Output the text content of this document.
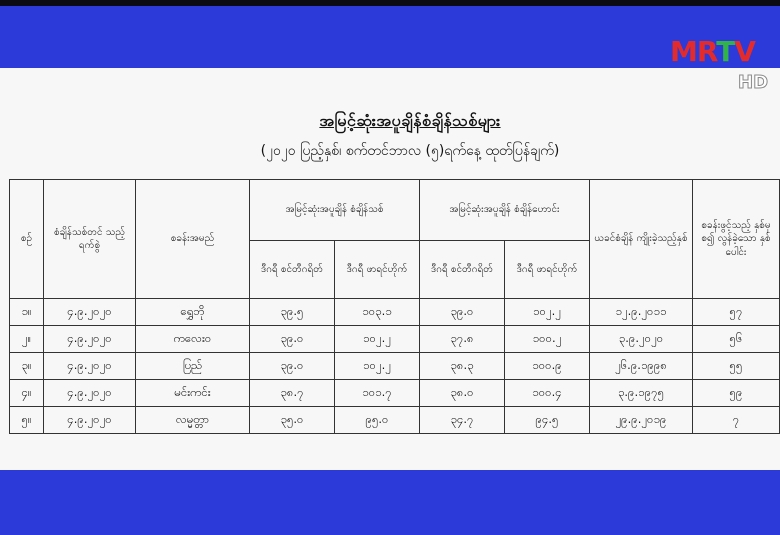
MRTV
HD
အမြင့်ဆုံးအပူချိန်စံချိန်သစ်များ
(၂၀၂၀ ပြည့်နှစ်၊ စက်တင်ဘာလ (၅)ရက်နေ့ ထုတ်ပြန်ချက်)
စဉ်	စံချိန်သစ်တင် သည့်ရက်စွဲ	စခန်းအမည်	အမြင့်ဆုံးအပူချိန် စံချိန်သစ်		အမြင့်ဆုံးအပူချိန် စံချိန်ဟောင်း		ယခင်စံချိန် ကျိုးခဲ့သည့်နှစ်	စခန်းဖွင့်သည့် နှစ်မှစ၍ လွန်ခဲ့သော နှစ်ပေါင်း
			ဒီဂရီ စင်တီဂရိတ်	ဒီဂရီ ဖာရင်ဟိုက်	ဒီဂရီ စင်တီဂရိတ်	ဒီဂရီ ဖာရင်ဟိုက်		
၁။	၄.၉.၂၀၂၀	ရွှေဘို	၃၉.၅	၁၀၃.၁	၃၉.၀	၁၀၂.၂	၁၂.၉.၂၀၁၁	၅၇
၂။	၄.၉.၂၀၂၀	ကလေးဝ	၃၉.၀	၁၀၂.၂	၃၇.၈	၁၀၀.၂	၃.၉.၂၀၂၀	၅၆
၃။	၄.၉.၂၀၂၀	ပြည်	၃၉.၀	၁၀၂.၂	၃၈.၃	၁၀၀.၉	၂၆.၉.၁၉၉၈	၅၅
၄။	၄.၉.၂၀၂၀	မင်းကင်း	၃၈.၇	၁၀၁.၇	၃၈.၀	၁၀၀.၄	၃.၉.၁၉၇၅	၅၉
၅။	၄.၉.၂၀၂၀	လမ္မတ္တာ	၃၅.၀	၉၅.၀	၃၄.၇	၉၄.၅	၂၉.၉.၂၀၁၉	၇
